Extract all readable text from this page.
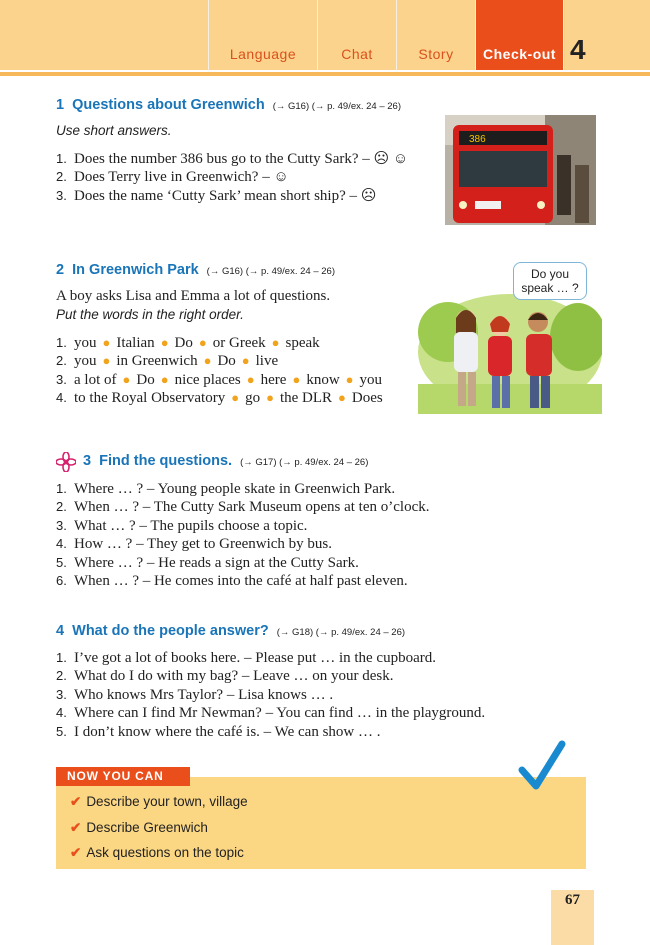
Language	Chat	Story	Check-out 4
1 Questions about Greenwich (→ G16) (→ p. 49/ex. 24 – 26)
Use short answers.
1. Does the number 386 bus go to the Cutty Sark? – ☹ ☺
2. Does Terry live in Greenwich? – ☺
3. Does the name ‘Cutty Sark’ mean short ship? – ☹
386
2 In Greenwich Park (→ G16) (→ p. 49/ex. 24 – 26)
A boy asks Lisa and Emma a lot of questions.
Put the words in the right order.
1. you ● Italian ● Do ● or Greek ● speak
2. you ● in Greenwich ● Do ● live
3. a lot of ● Do ● nice places ● here ● know ● you
4. to the Royal Observatory ● go ● the DLR ● Does
Do you speak … ?
3 Find the questions. (→ G17) (→ p. 49/ex. 24 – 26)
1. Where … ? – Young people skate in Greenwich Park.
2. When … ? – The Cutty Sark Museum opens at ten o’clock.
3. What … ? – The pupils choose a topic.
4. How … ? – They get to Greenwich by bus.
5. Where … ? – He reads a sign at the Cutty Sark.
6. When … ? – He comes into the café at half past eleven.
4 What do the people answer? (→ G18) (→ p. 49/ex. 24 – 26)
1. I’ve got a lot of books here. – Please put … in the cupboard.
2. What do I do with my bag? – Leave … on your desk.
3. Who knows Mrs Taylor? – Lisa knows … .
4. Where can I find Mr Newman? – You can find … in the playground.
5. I don’t know where the café is. – We can show … .
NOW YOU CAN
✔ Describe your town, village
✔ Describe Greenwich
✔ Ask questions on the topic
67
